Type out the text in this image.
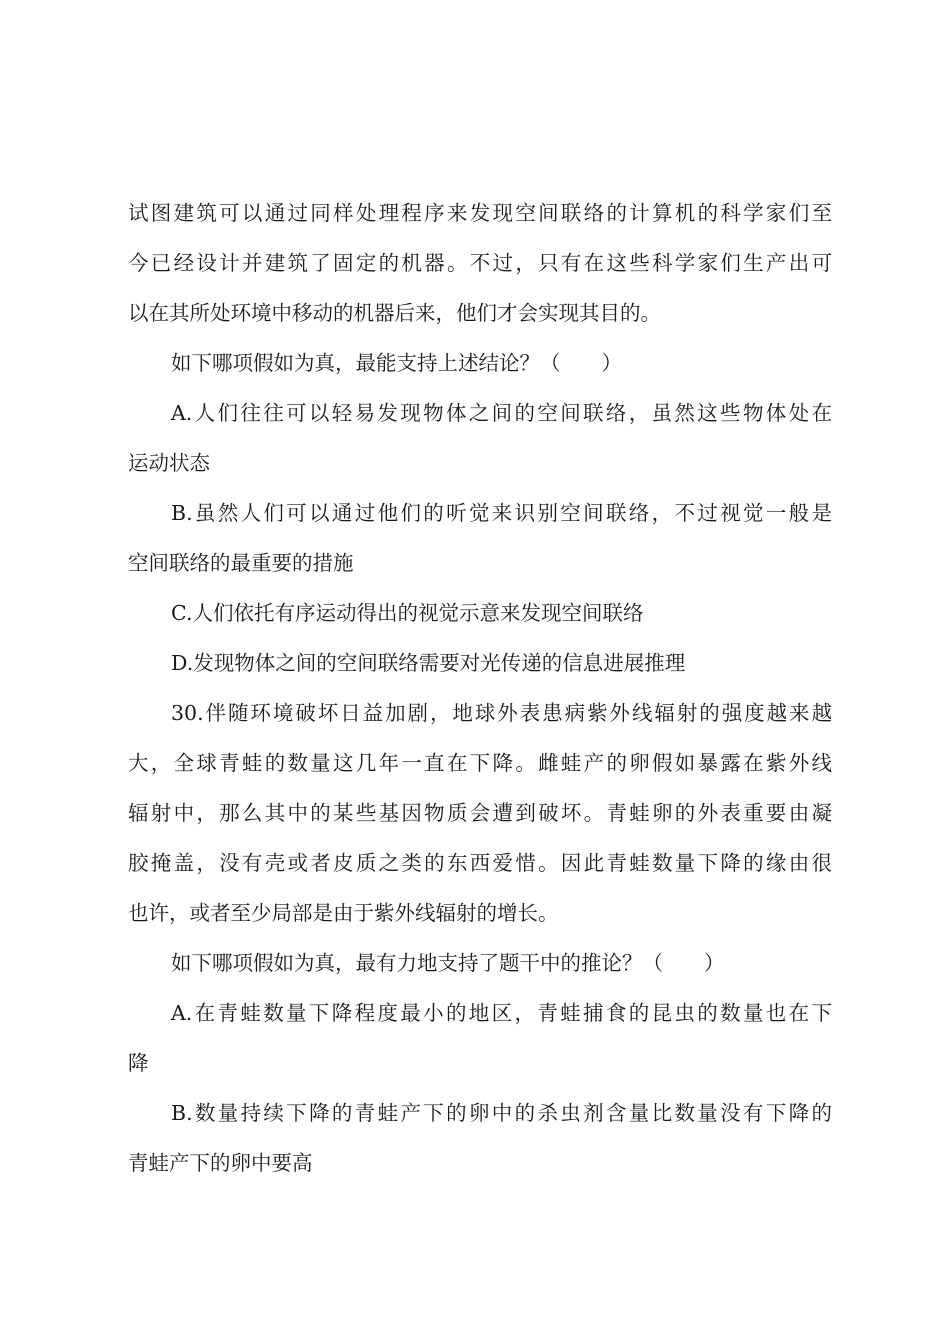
试图建筑可以通过同样处理程序来发现空间联络的计算机的科学家们至
今已经设计并建筑了固定的机器。不过，只有在这些科学家们生产出可
以在其所处环境中移动的机器后来，他们才会实现其目的。
如下哪项假如为真，最能支持上述结论？（　　）
A.人们往往可以轻易发现物体之间的空间联络，虽然这些物体处在
运动状态
B.虽然人们可以通过他们的听觉来识别空间联络，不过视觉一般是
空间联络的最重要的措施
C.人们依托有序运动得出的视觉示意来发现空间联络
D.发现物体之间的空间联络需要对光传递的信息进展推理
30.伴随环境破坏日益加剧，地球外表患病紫外线辐射的强度越来越
大，全球青蛙的数量这几年一直在下降。雌蛙产的卵假如暴露在紫外线
辐射中，那么其中的某些基因物质会遭到破坏。青蛙卵的外表重要由凝
胶掩盖，没有壳或者皮质之类的东西爱惜。因此青蛙数量下降的缘由很
也许，或者至少局部是由于紫外线辐射的增长。
如下哪项假如为真，最有力地支持了题干中的推论？（　　）
A.在青蛙数量下降程度最小的地区，青蛙捕食的昆虫的数量也在下
降
B.数量持续下降的青蛙产下的卵中的杀虫剂含量比数量没有下降的
青蛙产下的卵中要高
